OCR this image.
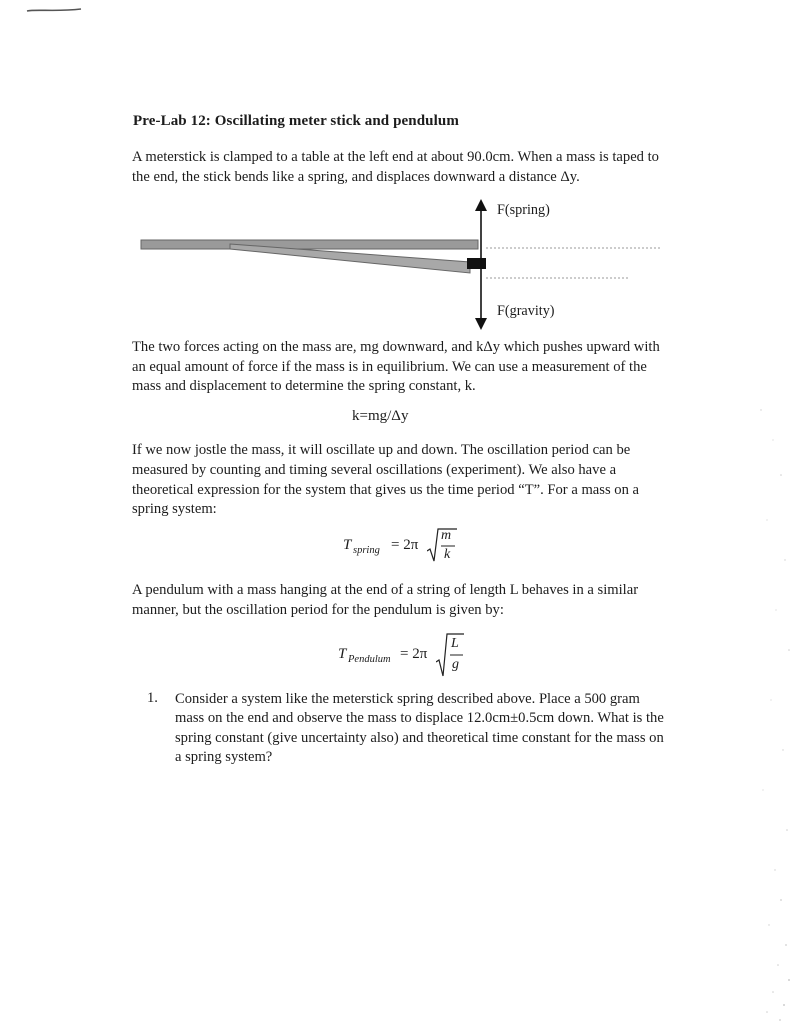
Pre-Lab 12: Oscillating meter stick and pendulum

A meterstick is clamped to a table at the left end at about 90.0cm. When a mass is taped to the end, the stick bends like a spring, and displaces downward a distance Δy.

F(spring)
F(gravity)

The two forces acting on the mass are, mg downward, and kΔy which pushes upward with an equal amount of force if the mass is in equilibrium. We can use a measurement of the mass and displacement to determine the spring constant, k.

k=mg/Δy

If we now jostle the mass, it will oscillate up and down. The oscillation period can be measured by counting and timing several oscillations (experiment). We also have a theoretical expression for the system that gives us the time period “T”. For a mass on a spring system:

T spring = 2π
m
k

A pendulum with a mass hanging at the end of a string of length L behaves in a similar manner, but the oscillation period for the pendulum is given by:

T Pendulum = 2π
L
g
1. Consider a system like the meterstick spring described above. Place a 500 gram mass on the end and observe the mass to displace 12.0cm±0.5cm down. What is the spring constant (give uncertainty also) and theoretical time constant for the mass on a spring system?
